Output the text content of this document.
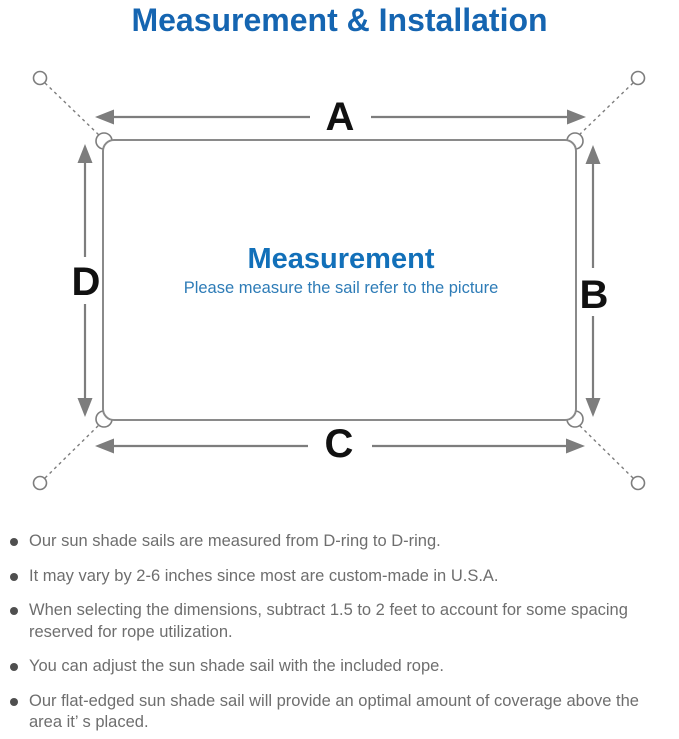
Measurement & Installation
A
C
D	B
Measurement
Please measure the sail refer to the picture
Our sun shade sails are measured from D-ring to D-ring.
It may vary by 2-6 inches since most are custom-made in U.S.A.
When selecting the dimensions, subtract 1.5 to 2 feet to account for some spacing reserved for rope utilization.
You can adjust the sun shade sail with the included rope.
Our flat-edged sun shade sail will provide an optimal amount of coverage above the area it’ s placed.
